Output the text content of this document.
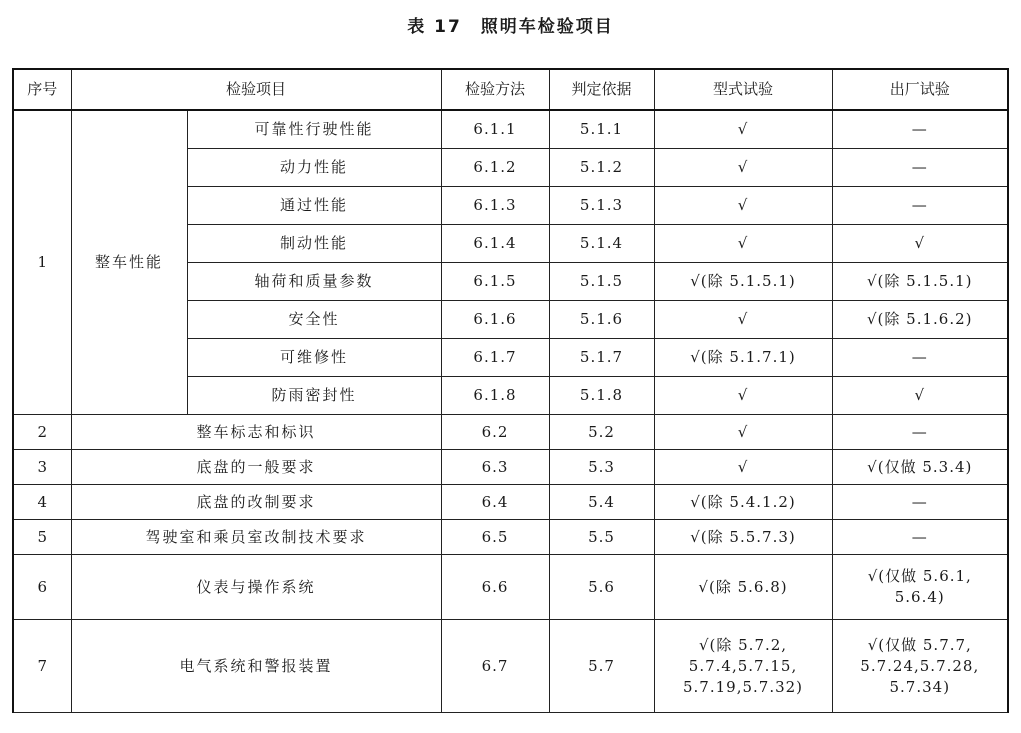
表 17　照明车检验项目
序号	检验项目		检验方法	判定依据	型式试验	出厂试验
1	整车性能	可靠性行驶性能	6.1.1	5.1.1	√	—
		动力性能	6.1.2	5.1.2	√	—
		通过性能	6.1.3	5.1.3	√	—
		制动性能	6.1.4	5.1.4	√	√
		轴荷和质量参数	6.1.5	5.1.5	√(除 5.1.5.1)	√(除 5.1.5.1)
		安全性	6.1.6	5.1.6	√	√(除 5.1.6.2)
		可维修性	6.1.7	5.1.7	√(除 5.1.7.1)	—
		防雨密封性	6.1.8	5.1.8	√	√
2	整车标志和标识		6.2	5.2	√	—
3	底盘的一般要求		6.3	5.3	√	√(仅做 5.3.4)
4	底盘的改制要求		6.4	5.4	√(除 5.4.1.2)	—
5	驾驶室和乘员室改制技术要求		6.5	5.5	√(除 5.5.7.3)	—
6	仪表与操作系统		6.6	5.6	√(除 5.6.8)	√(仅做 5.6.1,
5.6.4)
7	电气系统和警报装置		6.7	5.7	√(除 5.7.2,
5.7.4,5.7.15,
5.7.19,5.7.32)	√(仅做 5.7.7,
5.7.24,5.7.28,
5.7.34)
